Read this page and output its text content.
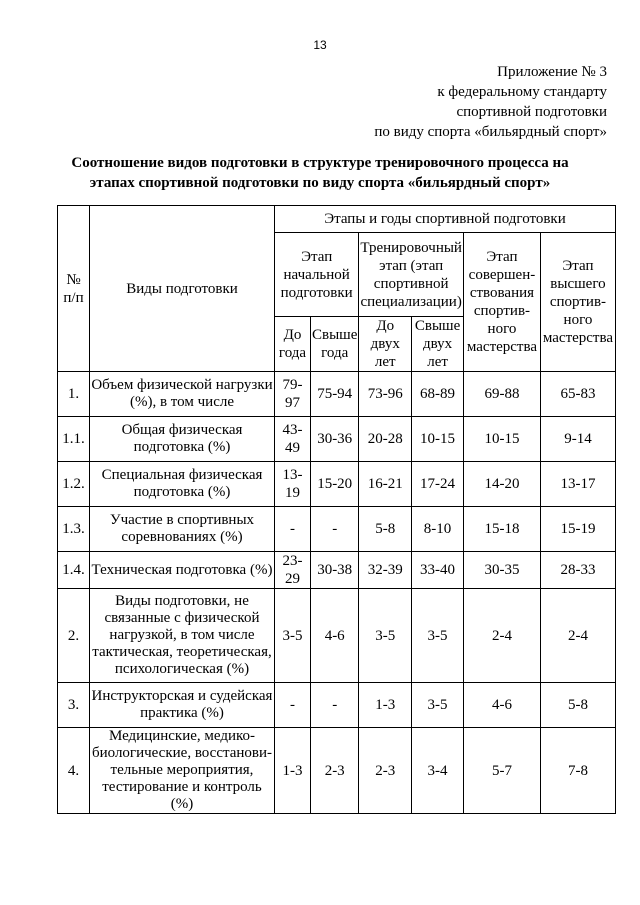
13
Приложение № 3
к федеральному стандарту
спортивной подготовки
по виду спорта «бильярдный спорт»
Соотношение видов подготовки в структуре тренировочного процесса на
этапах спортивной подготовки по виду спорта «бильярдный спорт»
№ п/п	Виды подготовки	Этапы и годы спортивной подготовки					
		Этап начальной подготовки		Тренировочный этап (этап спортивной специализации)		Этап совершен-ствования спортив-ного мастерства	Этап высшего спортив-ного мастерства
		До года	Свыше года	До двух лет	Свыше двух лет		
1.	Объем физической нагрузки (%), в том числе	79-97	75-94	73-96	68-89	69-88	65-83
1.1.	Общая физическая подготовка (%)	43-49	30-36	20-28	10-15	10-15	9-14
1.2.	Специальная физическая подготовка (%)	13-19	15-20	16-21	17-24	14-20	13-17
1.3.	Участие в спортивных соревнованиях (%)	-	-	5-8	8-10	15-18	15-19
1.4.	Техническая подготовка (%)	23-29	30-38	32-39	33-40	30-35	28-33
2.	Виды подготовки, не связанные с физической нагрузкой, в том числе тактическая, теоретическая, психологическая (%)	3-5	4-6	3-5	3-5	2-4	2-4
3.	Инструкторская и судейская практика (%)	-	-	1-3	3-5	4-6	5-8
4.	Медицинские, медико-биологические, восстанови-тельные мероприятия, тестирование и контроль (%)	1-3	2-3	2-3	3-4	5-7	7-8
